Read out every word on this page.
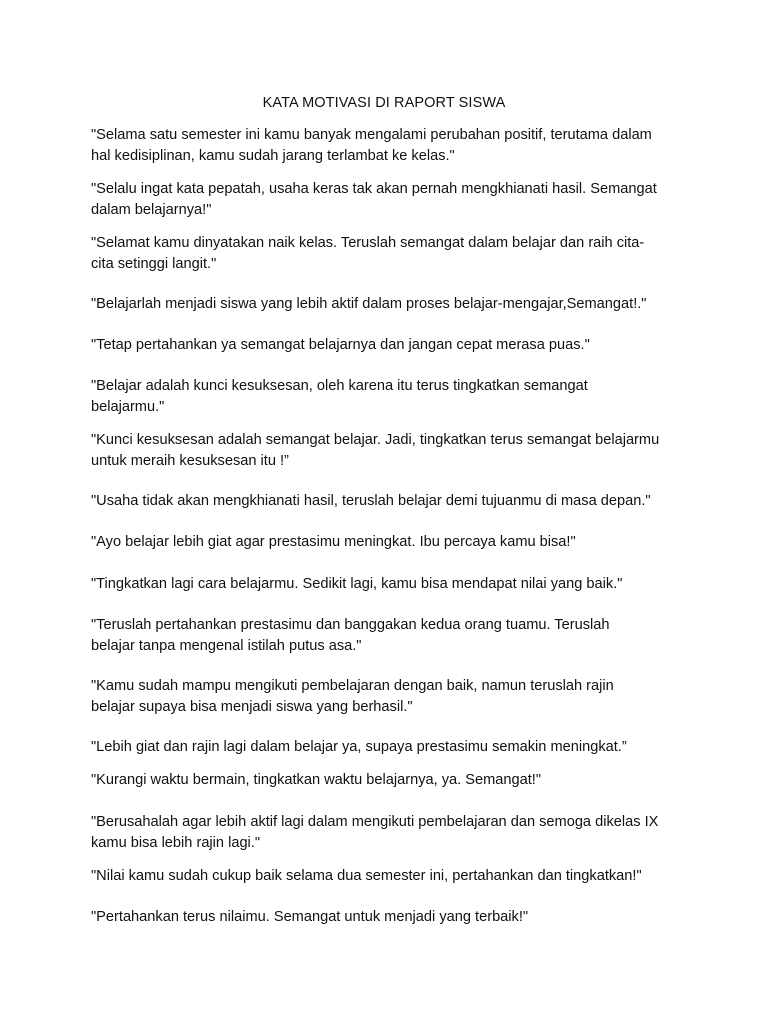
KATA MOTIVASI DI RAPORT SISWA
"Selama satu semester ini kamu banyak mengalami perubahan positif, terutama dalam
hal kedisiplinan, kamu sudah jarang terlambat ke kelas."
"Selalu ingat kata pepatah, usaha keras tak akan pernah mengkhianati hasil. Semangat
dalam belajarnya!"
"Selamat kamu dinyatakan naik kelas. Teruslah semangat dalam belajar dan raih cita-
cita setinggi langit."
"Belajarlah menjadi siswa yang lebih aktif dalam proses belajar-mengajar,Semangat!."
"Tetap pertahankan ya semangat belajarnya dan jangan cepat merasa puas."
"Belajar adalah kunci kesuksesan, oleh karena itu terus tingkatkan semangat
belajarmu."
"Kunci kesuksesan adalah semangat belajar. Jadi, tingkatkan terus semangat belajarmu
untuk meraih kesuksesan itu !”
"Usaha tidak akan mengkhianati hasil, teruslah belajar demi tujuanmu di masa depan."
"Ayo belajar lebih giat agar prestasimu meningkat. Ibu percaya kamu bisa!"
"Tingkatkan lagi cara belajarmu. Sedikit lagi, kamu bisa mendapat nilai yang baik."
"Teruslah pertahankan prestasimu dan banggakan kedua orang tuamu. Teruslah
belajar tanpa mengenal istilah putus asa."
"Kamu sudah mampu mengikuti pembelajaran dengan baik, namun teruslah rajin
belajar supaya bisa menjadi siswa yang berhasil."
"Lebih giat dan rajin lagi dalam belajar ya, supaya prestasimu semakin meningkat.”
"Kurangi waktu bermain, tingkatkan waktu belajarnya, ya. Semangat!"
"Berusahalah agar lebih aktif lagi dalam mengikuti pembelajaran dan semoga dikelas IX
kamu bisa lebih rajin lagi."
"Nilai kamu sudah cukup baik selama dua semester ini, pertahankan dan tingkatkan!"
"Pertahankan terus nilaimu. Semangat untuk menjadi yang terbaik!"
